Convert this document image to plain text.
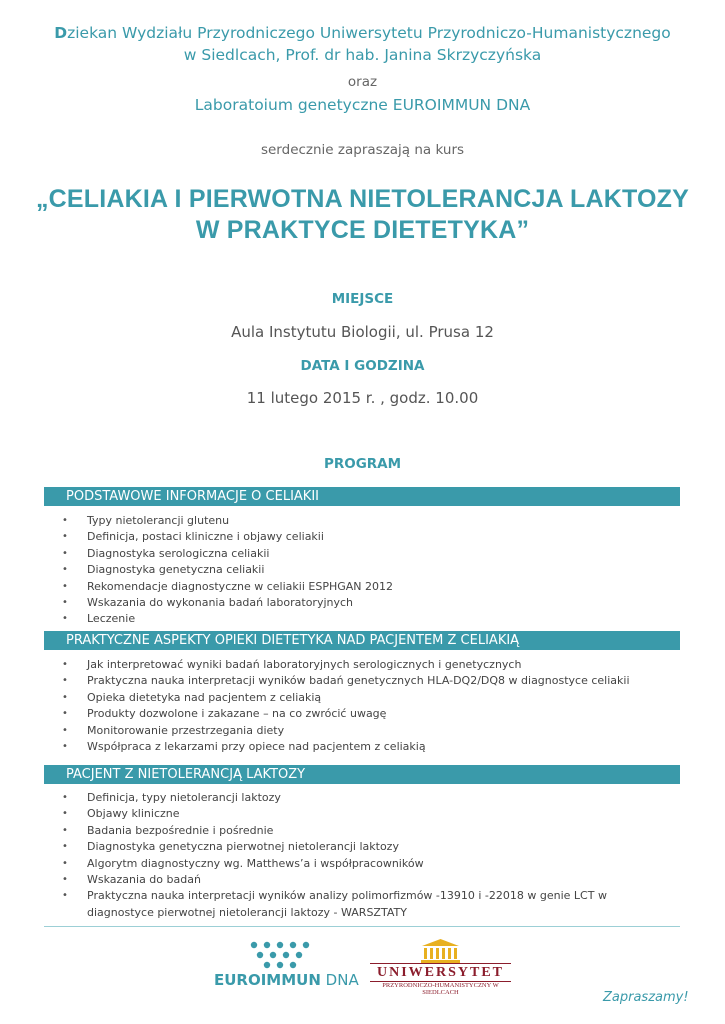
Dziekan Wydziału Przyrodniczego Uniwersytetu Przyrodniczo-Humanistycznego
w Siedlcach, Prof. dr hab. Janina Skrzyczyńska
oraz
Laboratoium genetyczne EUROIMMUN DNA
serdecznie zapraszają na kurs
„CELIAKIA I PIERWOTNA NIETOLERANCJA LAKTOZY
W PRAKTYCE DIETETYKA”
MIEJSCE
Aula Instytutu Biologii, ul. Prusa 12
DATA I GODZINA
11 lutego 2015 r. , godz. 10.00
PROGRAM
PODSTAWOWE INFORMACJE O CELIAKII
• Typy nietolerancji glutenu
• Definicja, postaci kliniczne i objawy celiakii
• Diagnostyka serologiczna celiakii
• Diagnostyka genetyczna celiakii
• Rekomendacje diagnostyczne w celiakii ESPHGAN 2012
• Wskazania do wykonania badań laboratoryjnych
• Leczenie
PRAKTYCZNE ASPEKTY OPIEKI DIETETYKA NAD PACJENTEM Z CELIAKIĄ
• Jak interpretować wyniki badań laboratoryjnych serologicznych i genetycznych
• Praktyczna nauka interpretacji wyników badań genetycznych HLA-DQ2/DQ8 w diagnostyce celiakii
• Opieka dietetyka nad pacjentem z celiakią
• Produkty dozwolone i zakazane – na co zwrócić uwagę
• Monitorowanie przestrzegania diety
• Współpraca z lekarzami przy opiece nad pacjentem z celiakią
PACJENT Z NIETOLERANCJĄ LAKTOZY
• Definicja, typy nietolerancji laktozy
• Objawy kliniczne
• Badania bezpośrednie i pośrednie
• Diagnostyka genetyczna pierwotnej nietolerancji laktozy
• Algorytm diagnostyczny wg. Matthews’a i współpracowników
• Wskazania do badań
• Praktyczna nauka interpretacji wyników analizy polimorfizmów -13910 i -22018 w genie LCT w diagnostyce pierwotnej nietolerancji laktozy - WARSZTATY
EUROIMMUN DNA	UNIWERSYTET
PRZYRODNICZO-HUMANISTYCZNY W SIEDLCACH	Zapraszamy!
